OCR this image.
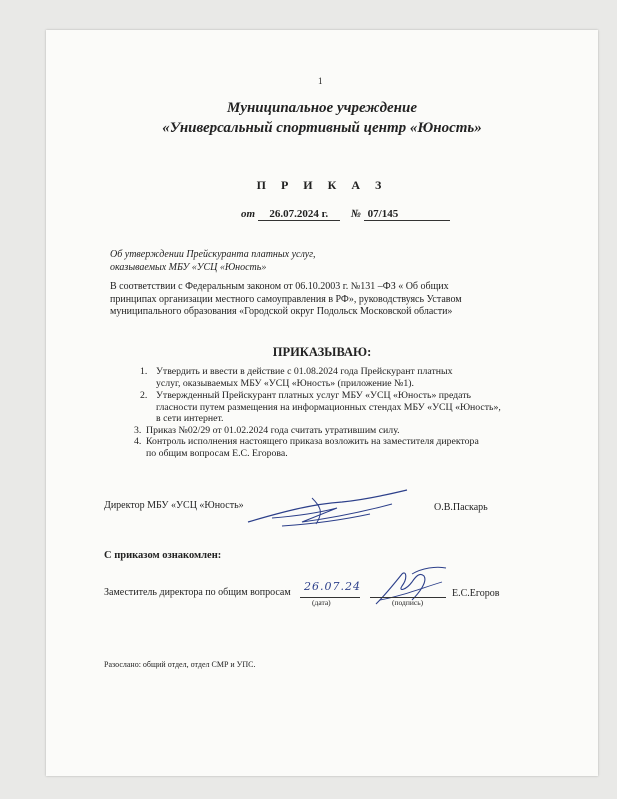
1
Муниципальное учреждение
«Универсальный спортивный центр «Юность»
П Р И К А З
от 26.07.2024 г. № 07/145
Об утверждении Прейскуранта платных услуг,
оказываемых МБУ «УСЦ «Юность»
В соответствии с Федеральным законом от 06.10.2003 г. №131 –ФЗ « Об общих
принципах организации местного самоуправления в РФ», руководствуясь Уставом
муниципального образования «Городской округ Подольск Московской области»
ПРИКАЗЫВАЮ:
1. Утвердить и ввести в действие с 01.08.2024 года Прейскурант платных
услуг, оказываемых МБУ «УСЦ «Юность» (приложение №1).
2. Утвержденный Прейскурант платных услуг МБУ «УСЦ «Юность» предать
гласности путем размещения на информационных стендах МБУ «УСЦ «Юность»,
в сети интернет.
3. Приказ №02/29 от 01.02.2024 года считать утратившим силу.
4. Контроль исполнения настоящего приказа возложить на заместителя директора
по общим вопросам Е.С. Егорова.
Директор МБУ «УСЦ «Юность»	О.В.Паскарь
С приказом ознакомлен:
Заместитель директора по общим вопросам 26.07.24
(дата)	(подпись)
Е.С.Егоров
Разослано: общий отдел, отдел СМР и УПС.
